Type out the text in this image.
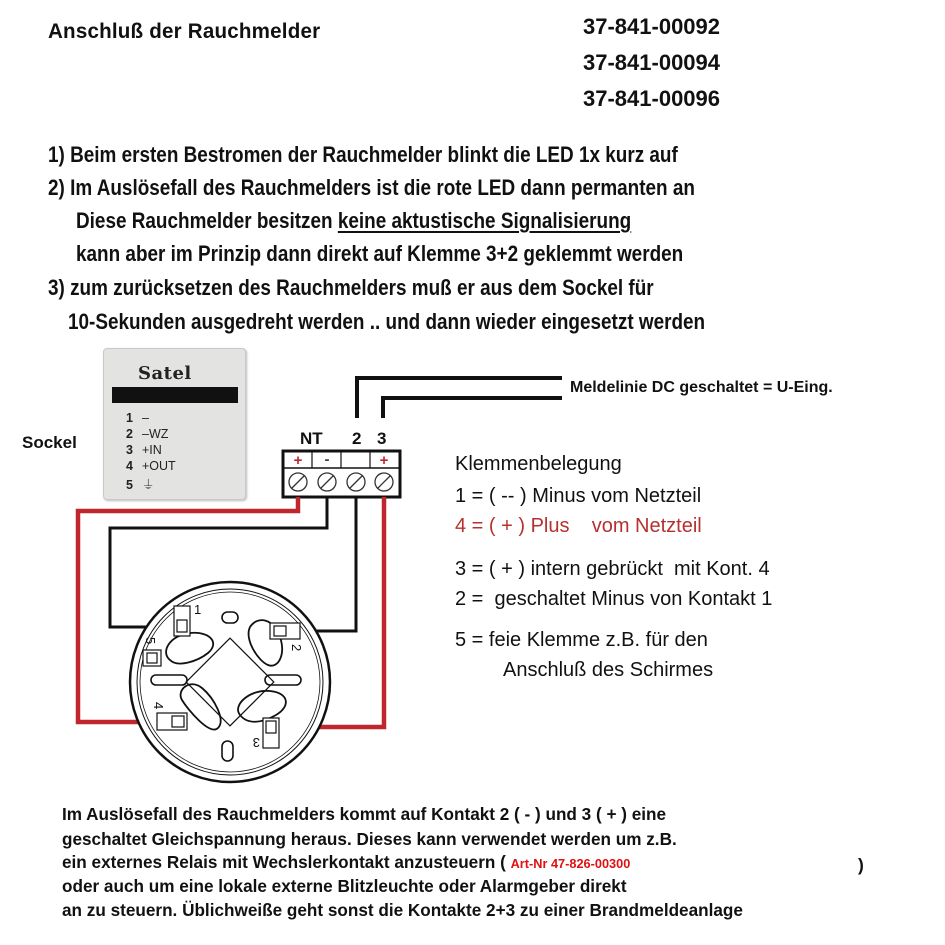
Anschluß der Rauchmelder	37-841-00092
37-841-00094
37-841-00096
1) Beim ersten Bestromen der Rauchmelder blinkt die LED 1x kurz auf
2) Im Auslösefall des Rauchmelders ist die rote LED dann permanten an
Diese Rauchmelder besitzen keine aktustische Signalisierung
kann aber im Prinzip dann direkt auf Klemme 3+2 geklemmt werden
3) zum zurücksetzen des Rauchmelders muß er aus dem Sockel für
10-Sekunden ausgedreht werden .. und dann wieder eingesetzt werden
Satel
1 –
2 –WZ
3 +IN
4 +OUT
5 ⏚
Sockel
+ -	+
NT 2 3
1
2
5
4
3
Meldelinie DC geschaltet = U-Eing.
Klemmenbelegung
1 = ( -- ) Minus vom Netzteil
4 = ( + ) Plus    vom Netzteil
3 = ( + ) intern gebrückt  mit Kont. 4
2 =  geschaltet Minus von Kontakt 1
5 = feie Klemme z.B. für den
Anschluß des Schirmes
Im Auslösefall des Rauchmelders kommt auf Kontakt 2 ( - ) und 3 ( + ) eine
geschaltet Gleichspannung heraus. Dieses kann verwendet werden um z.B.
ein externes Relais mit Wechslerkontakt anzusteuern ( Art-Nr 47-826-00300	)
oder auch um eine lokale externe Blitzleuchte oder Alarmgeber direkt
an zu steuern. Üblichweiße geht sonst die Kontakte 2+3 zu einer Brandmeldeanlage
